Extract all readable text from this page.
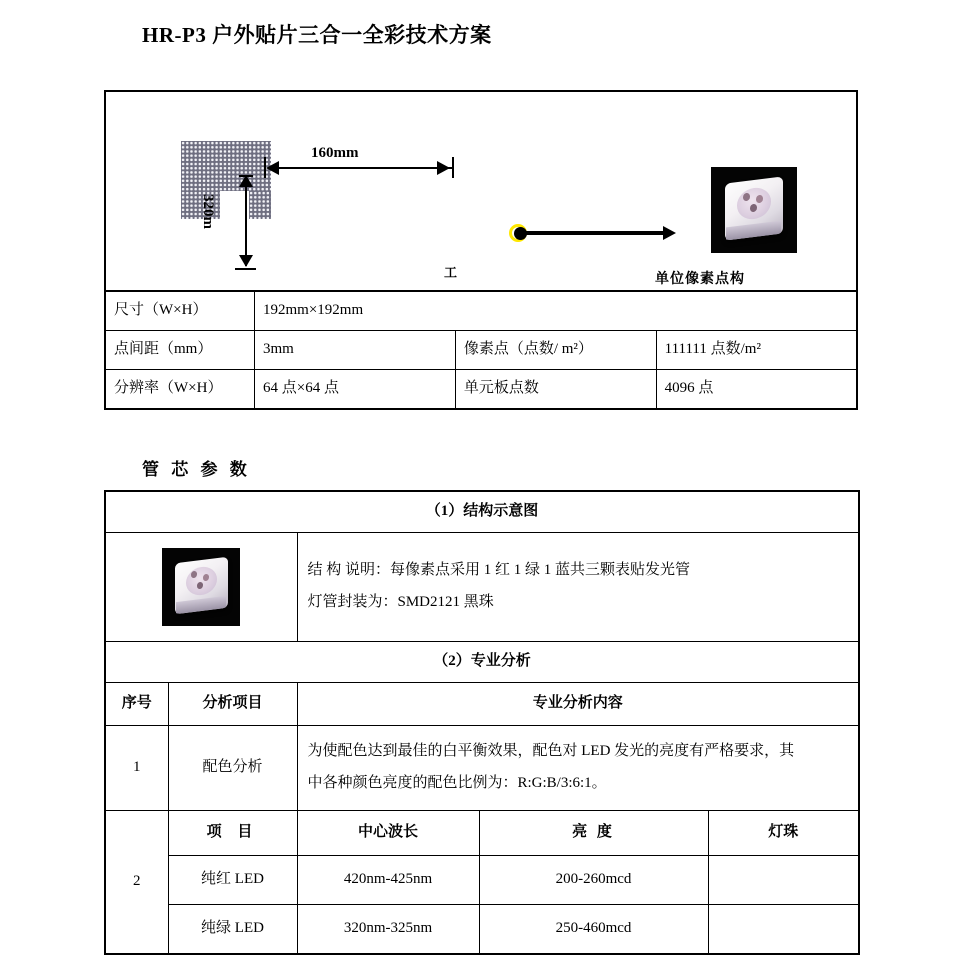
HR-P3 户外贴片三合一全彩技术方案
160mm
320m
工	单位像素点构
尺寸（W×H）	192mm×192mm		
点间距（mm）	3mm	像素点（点数/ m²）	111111 点数/m²
分辨率（W×H）	64 点×64 点	单元板点数	4096 点
管 芯 参 数
（1）结构示意图				

		结 构 说明：每像素点采用 1 红 1 绿 1 蓝共三颗表贴发光管

灯管封装为：SMD2121 黑珠		

（2）专业分析				
序号	分析项目	专业分析内容		
1	配色分析	为使配色达到最佳的白平衡效果，配色对 LED 发光的亮度有严格要求，其

中各种颜色亮度的配色比例为：R:G:B/3:6:1。		

2	项 目	中心波长	亮 度	灯珠
	纯红 LED	420nm-425nm	200-260mcd	
	纯绿 LED	320nm-325nm	250-460mcd	
